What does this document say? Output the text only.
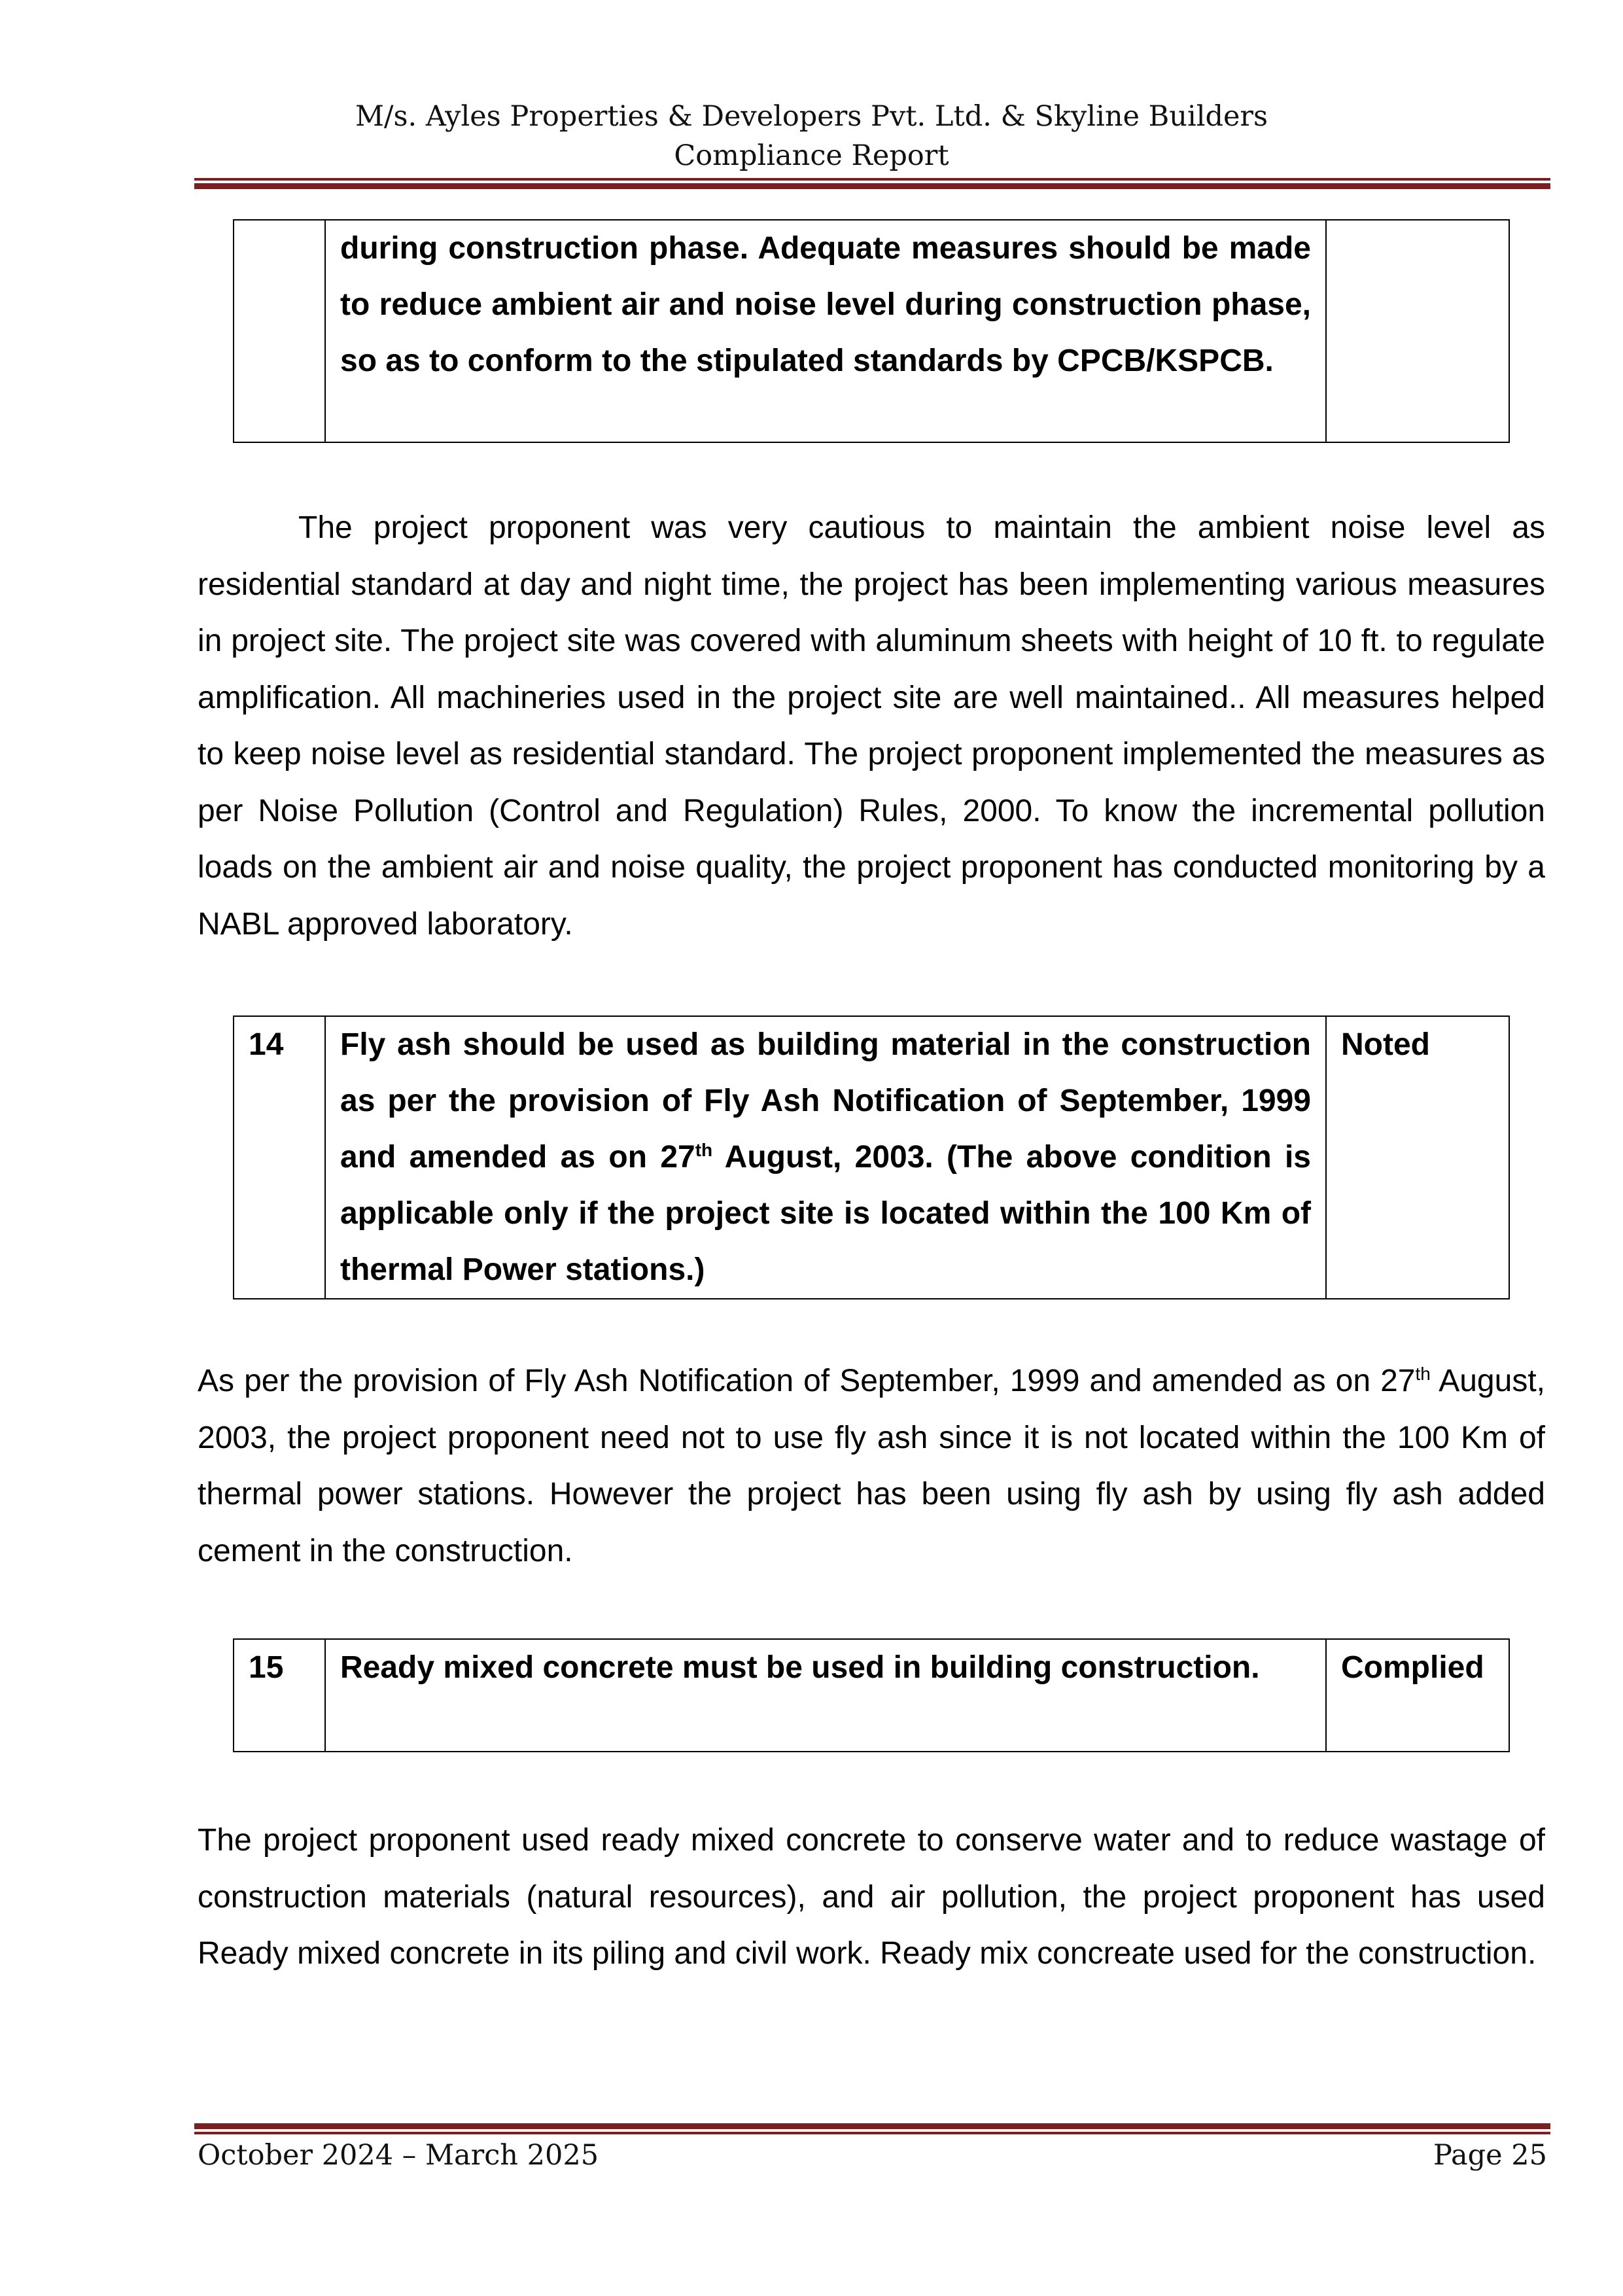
M/s. Ayles Properties & Developers Pvt. Ltd. & Skyline Builders
Compliance Report
	during construction phase. Adequate measures should be made to reduce ambient air and noise level during construction phase, so as to conform to the stipulated standards by CPCB/KSPCB.	

The project proponent was very cautious to maintain the ambient noise level as residential standard at day and night time, the project has been implementing various measures in project site. The project site was covered with aluminum sheets with height of 10 ft. to regulate amplification. All machineries used in the project site are well maintained.. All measures helped to keep noise level as residential standard. The project proponent implemented the measures as per Noise Pollution (Control and Regulation) Rules, 2000. To know the incremental pollution loads on the ambient air and noise quality, the project proponent has conducted monitoring by a NABL approved laboratory.

14	Fly ash should be used as building material in the construction as per the provision of Fly Ash Notification of September, 1999 and amended as on 27th August, 2003. (The above condition is applicable only if the project site is located within the 100 Km of thermal Power stations.)	Noted

As per the provision of Fly Ash Notification of September, 1999 and amended as on 27th August, 2003, the project proponent need not to use fly ash since it is not located within the 100 Km of thermal power stations. However the project has been using fly ash by using fly ash added cement in the construction.

15	Ready mixed concrete must be used in building construction.	Complied

The project proponent used ready mixed concrete to conserve water and to reduce wastage of construction materials (natural resources), and air pollution, the project proponent has used Ready mixed concrete in its piling and civil work. Ready mix concreate used for the construction.

October 2024 – March 2025	Page 25
